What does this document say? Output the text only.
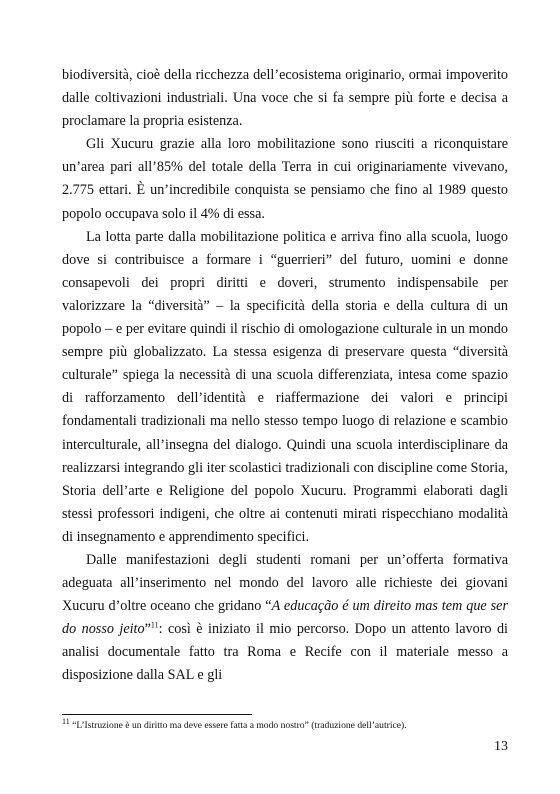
biodiversità, cioè della ricchezza dell’ecosistema originario, ormai impoverito dalle coltivazioni industriali. Una voce che si fa sempre più forte e decisa a proclamare la propria esistenza.

Gli Xucuru grazie alla loro mobilitazione sono riusciti a riconquistare un’area pari all’85% del totale della Terra in cui originariamente vivevano, 2.775 ettari. È un’incredibile conquista se pensiamo che fino al 1989 questo popolo occupava solo il 4% di essa.

La lotta parte dalla mobilitazione politica e arriva fino alla scuola, luogo dove si contribuisce a formare i “guerrieri” del futuro, uomini e donne consapevoli dei propri diritti e doveri, strumento indispensabile per valorizzare la “diversità” – la specificità della storia e della cultura di un popolo – e per evitare quindi il rischio di omologazione culturale in un mondo sempre più globalizzato. La stessa esigenza di preservare questa “diversità culturale” spiega la necessità di una scuola differenziata, intesa come spazio di rafforzamento dell’identità e riaffermazione dei valori e principi fondamentali tradizionali ma nello stesso tempo luogo di relazione e scambio interculturale, all’insegna del dialogo. Quindi una scuola interdisciplinare da realizzarsi integrando gli iter scolastici tradizionali con discipline come Storia, Storia dell’arte e Religione del popolo Xucuru. Programmi elaborati dagli stessi professori indigeni, che oltre ai contenuti mirati rispecchiano modalità di insegnamento e apprendimento specifici.

Dalle manifestazioni degli studenti romani per un’offerta formativa adeguata all’inserimento nel mondo del lavoro alle richieste dei giovani Xucuru d’oltre oceano che gridano “A educação é um direito mas tem que ser do nosso jeito”$^{11}$: così è iniziato il mio percorso. Dopo un attento lavoro di analisi documentale fatto tra Roma e Recife con il materiale messo a disposizione dalla SAL e gli

$^{11}$ “L’Istruzione è un diritto ma deve essere fatta a modo nostro” (traduzione dell’autrice).
13
